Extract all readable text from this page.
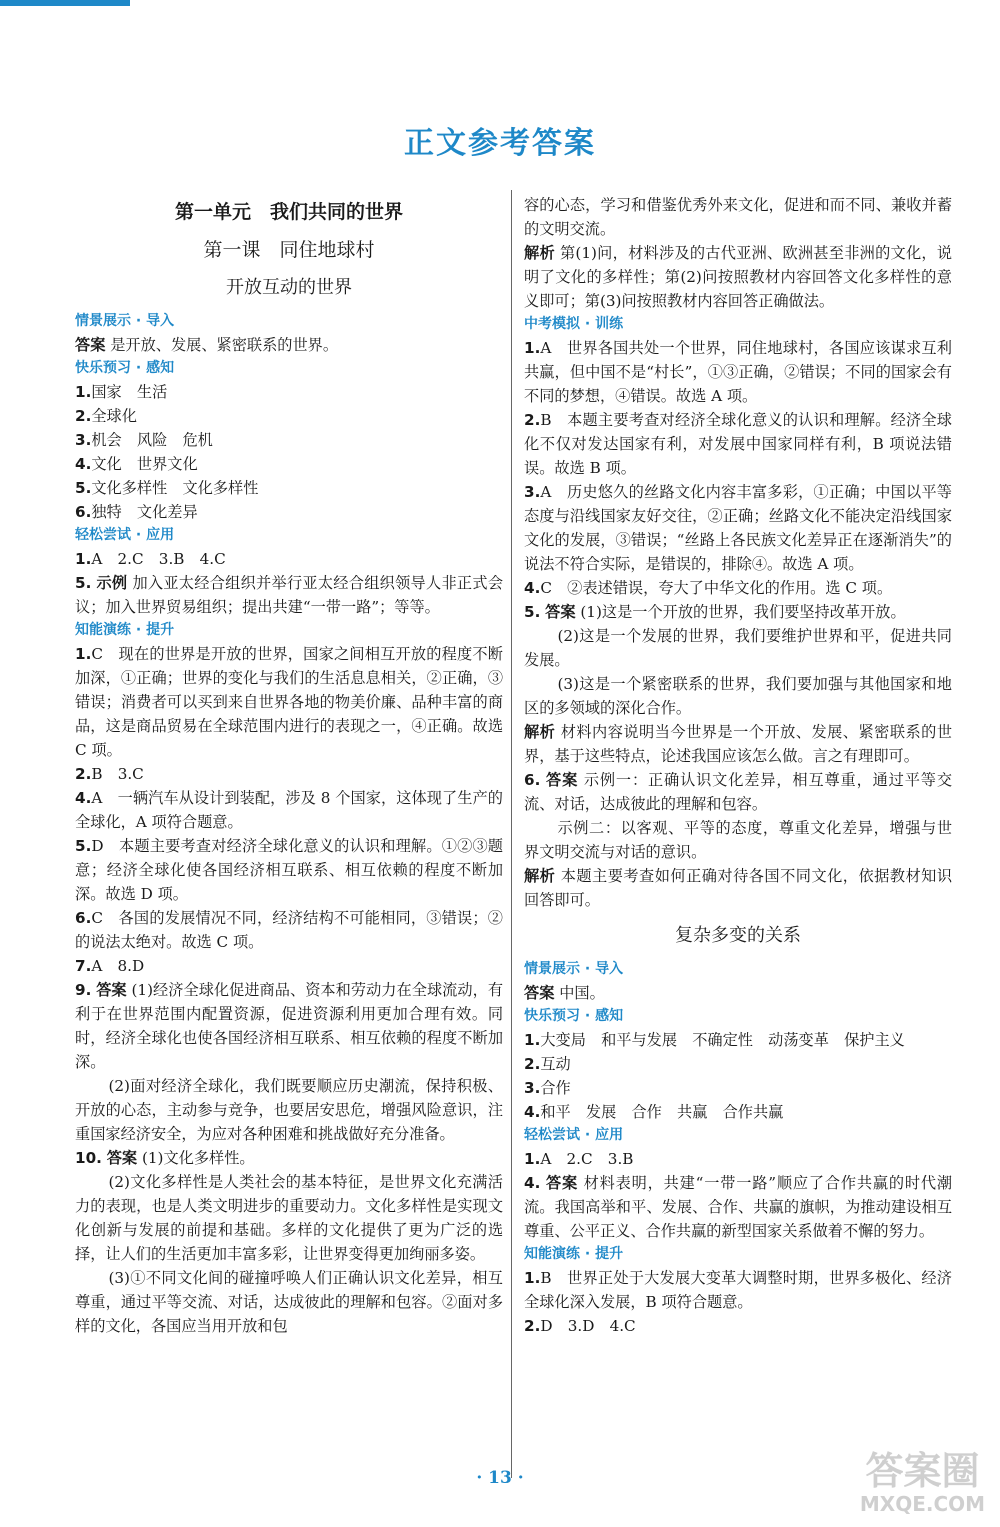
正文参考答案
第一单元　我们共同的世界
第一课　同住地球村
开放互动的世界
情景展示 · 导入
答案 是开放、发展、紧密联系的世界。
快乐预习 · 感知
1.国家　生活
2.全球化
3.机会　风险　危机
4.文化　世界文化
5.文化多样性　文化多样性
6.独特　文化差异
轻松尝试 · 应用
1.A　2.C　3.B　4.C
5. 示例 加入亚太经合组织并举行亚太经合组织领导人非正式会议；加入世界贸易组织；提出共建“一带一路”；等等。
知能演练 · 提升
1.C　现在的世界是开放的世界，国家之间相互开放的程度不断加深，①正确；世界的变化与我们的生活息息相关，②正确，③错误；消费者可以买到来自世界各地的物美价廉、品种丰富的商品，这是商品贸易在全球范围内进行的表现之一，④正确。故选 C 项。
2.B　3.C
4.A　一辆汽车从设计到装配，涉及 8 个国家，这体现了生产的全球化，A 项符合题意。
5.D　本题主要考查对经济全球化意义的认识和理解。①②③题意；经济全球化使各国经济相互联系、相互依赖的程度不断加深。故选 D 项。
6.C　各国的发展情况不同，经济结构不可能相同，③错误；②的说法太绝对。故选 C 项。
7.A　8.D
9. 答案 (1)经济全球化促进商品、资本和劳动力在全球流动，有利于在世界范围内配置资源，促进资源利用更加合理有效。同时，经济全球化也使各国经济相互联系、相互依赖的程度不断加深。
(2)面对经济全球化，我们既要顺应历史潮流，保持积极、开放的心态，主动参与竞争，也要居安思危，增强风险意识，注重国家经济安全，为应对各种困难和挑战做好充分准备。
10. 答案 (1)文化多样性。
(2)文化多样性是人类社会的基本特征，是世界文化充满活力的表现，也是人类文明进步的重要动力。文化多样性是实现文化创新与发展的前提和基础。多样的文化提供了更为广泛的选择，让人们的生活更加丰富多彩，让世界变得更加绚丽多姿。
(3)①不同文化间的碰撞呼唤人们正确认识文化差异，相互尊重，通过平等交流、对话，达成彼此的理解和包容。②面对多样的文化，各国应当用开放和包
容的心态，学习和借鉴优秀外来文化，促进和而不同、兼收并蓄的文明交流。
解析 第(1)问，材料涉及的古代亚洲、欧洲甚至非洲的文化，说明了文化的多样性；第(2)问按照教材内容回答文化多样性的意义即可；第(3)问按照教材内容回答正确做法。
中考模拟 · 训练
1.A　世界各国共处一个世界，同住地球村，各国应该谋求互利共赢，但中国不是“村长”，①③正确，②错误；不同的国家会有不同的梦想，④错误。故选 A 项。
2.B　本题主要考查对经济全球化意义的认识和理解。经济全球化不仅对发达国家有利，对发展中国家同样有利，B 项说法错误。故选 B 项。
3.A　历史悠久的丝路文化内容丰富多彩，①正确；中国以平等态度与沿线国家友好交往，②正确；丝路文化不能决定沿线国家文化的发展，③错误；“丝路上各民族文化差异正在逐渐消失”的说法不符合实际，是错误的，排除④。故选 A 项。
4.C　②表述错误，夸大了中华文化的作用。选 C 项。
5. 答案 (1)这是一个开放的世界，我们要坚持改革开放。
(2)这是一个发展的世界，我们要维护世界和平，促进共同发展。
(3)这是一个紧密联系的世界，我们要加强与其他国家和地区的多领域的深化合作。
解析 材料内容说明当今世界是一个开放、发展、紧密联系的世界，基于这些特点，论述我国应该怎么做。言之有理即可。
6. 答案 示例一：正确认识文化差异，相互尊重，通过平等交流、对话，达成彼此的理解和包容。
示例二：以客观、平等的态度，尊重文化差异，增强与世界文明交流与对话的意识。
解析 本题主要考查如何正确对待各国不同文化，依据教材知识回答即可。
复杂多变的关系
情景展示 · 导入
答案 中国。
快乐预习 · 感知
1.大变局　和平与发展　不确定性　动荡变革　保护主义
2.互动
3.合作
4.和平　发展　合作　共赢　合作共赢
轻松尝试 · 应用
1.A　2.C　3.B
4. 答案 材料表明，共建“一带一路”顺应了合作共赢的时代潮流。我国高举和平、发展、合作、共赢的旗帜，为推动建设相互尊重、公平正义、合作共赢的新型国家关系做着不懈的努力。
知能演练 · 提升
1.B　世界正处于大发展大变革大调整时期，世界多极化、经济全球化深入发展，B 项符合题意。
2.D　3.D　4.C
· 13 ·	答案圈
MXQE.COM
